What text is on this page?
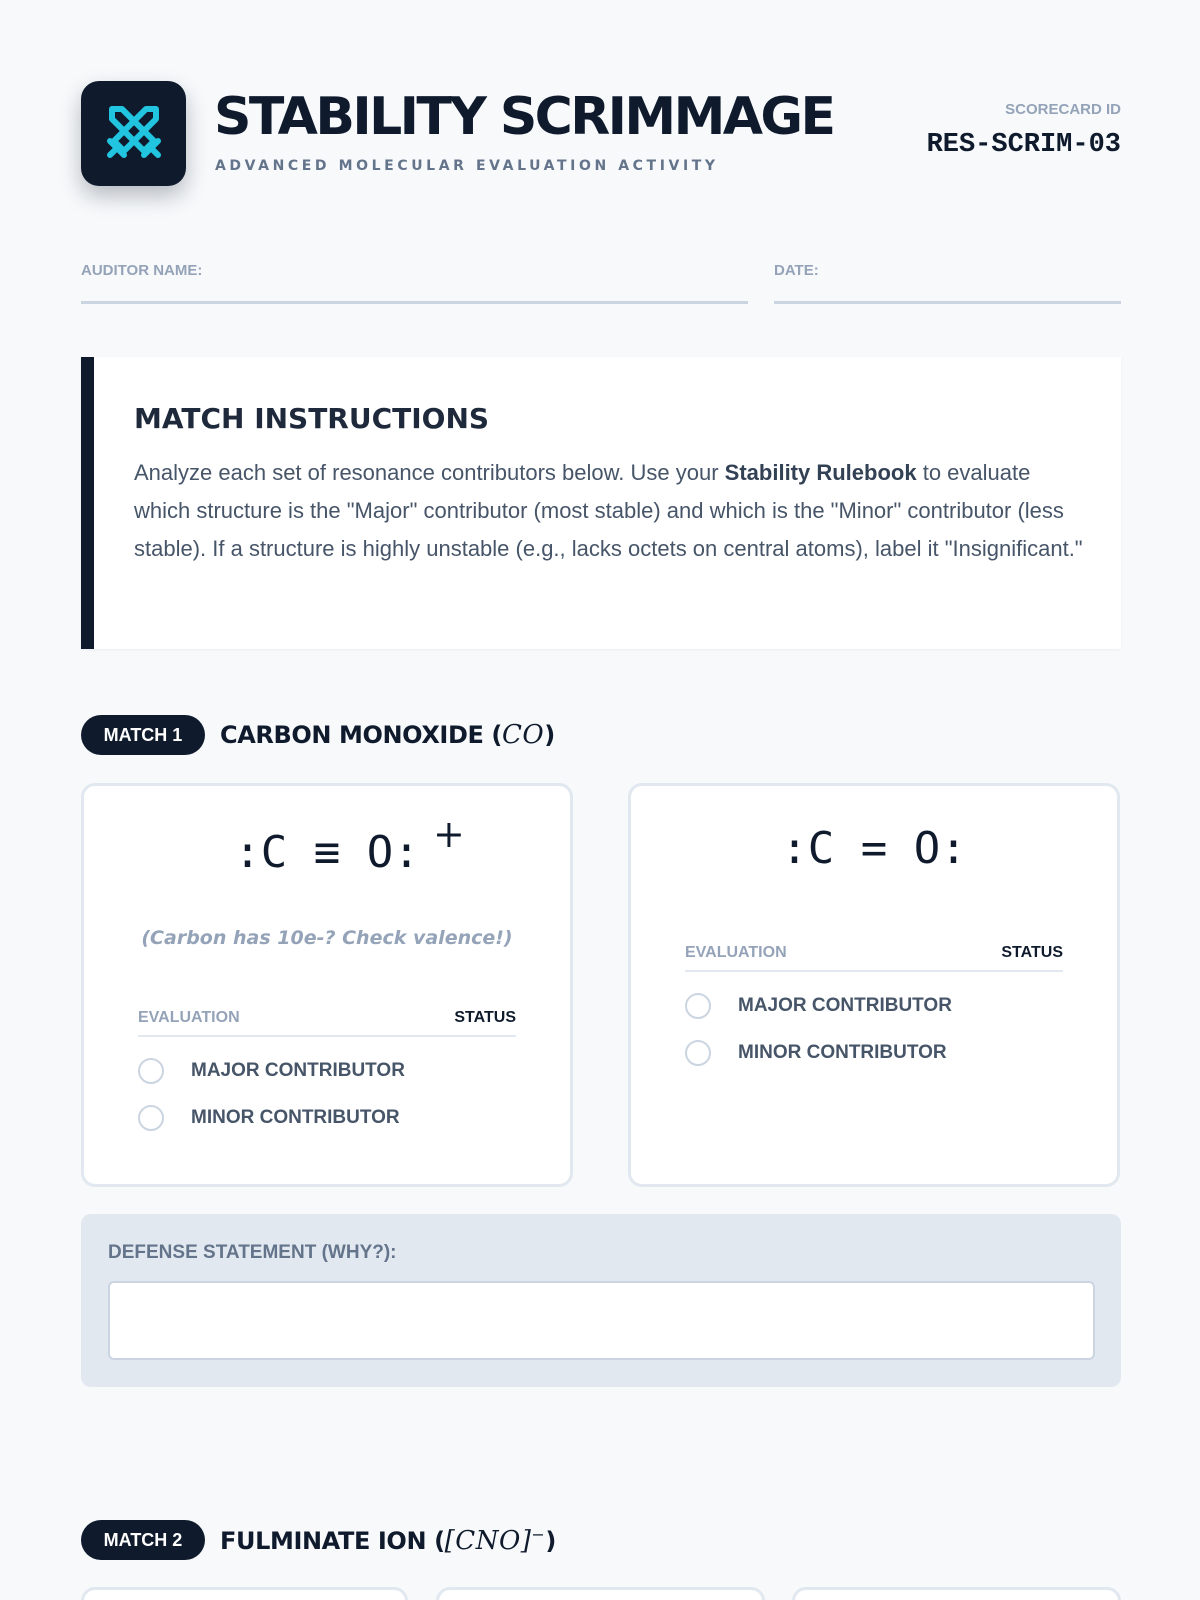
STABILITY SCRIMMAGE
ADVANCED MOLECULAR EVALUATION ACTIVITY
SCORECARD ID
RES-SCRIM-03
AUDITOR NAME:	DATE:
MATCH INSTRUCTIONS
Analyze each set of resonance contributors below. Use your Stability Rulebook to evaluate which structure is the "Major" contributor (most stable) and which is the "Minor" contributor (less stable). If a structure is highly unstable (e.g., lacks octets on central atoms), label it "Insignificant."
MATCH 1	CARBON MONOXIDE (CO)
:C ≡ O: +
(Carbon has 10e-? Check valence!)
EVALUATION	STATUS
MAJOR CONTRIBUTOR
MINOR CONTRIBUTOR
:C = O:
EVALUATION	STATUS
MAJOR CONTRIBUTOR
MINOR CONTRIBUTOR
DEFENSE STATEMENT (WHY?):
MATCH 2	FULMINATE ION ([CNO]−)
